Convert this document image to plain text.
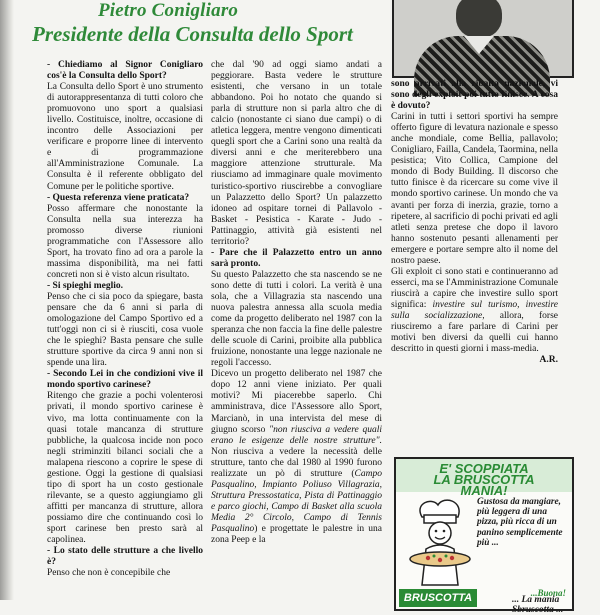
Pietro Conigliaro
Presidente della Consulta dello Sport

- Chiediamo al Signor Conigliaro cos'è la Consulta dello Sport?

La Consulta dello Sport è uno strumento di autorappresentanza di tutti coloro che promuovono uno sport a qualsiasi livello. Costituisce, inoltre, occasione di incontro delle Associazioni per verificare e proporre linee di intervento e di programmazione all'Amministrazione Comunale. La Consulta è il referente obbligato del Comune per le politiche sportive.

- Questa referenza viene praticata?

Posso affermare che nonostante la Consulta nella sua interezza ha promosso diverse riunioni programmatiche con l'Assessore allo Sport, ha trovato fino ad ora a parole la massima disponibilità, ma nei fatti concreti non si è visto alcun risultato.

- Si spieghi meglio.

Penso che ci sia poco da spiegare, basta pensare che da 6 anni si parla di omologazione del Campo Sportivo ed a tutt'oggi non ci si è riusciti, cosa vuole che le spieghi? Basta pensare che sulle strutture sportive da circa 9 anni non si spende una lira.

- Secondo Lei in che condizioni vive il mondo sportivo carinese?

Ritengo che grazie a pochi volenterosi privati, il mondo sportivo carinese è vivo, ma lotta continuamente con la quasi totale mancanza di strutture pubbliche, la qualcosa incide non poco negli striminziti bilanci sociali che a malapena riescono a coprire le spese di gestione. Oggi la gestione di qualsiasi tipo di sport ha un costo gestionale rilevante, se a questo aggiungiamo gli affitti per mancanza di strutture, allora possiamo dire che continuando così lo sport carinese ben presto sarà al capolinea.

- Lo stato delle strutture a che livello è?

Penso che non è concepibile che

che dal '90 ad oggi siamo andati a peggiorare. Basta vedere le strutture esistenti, che versano in un totale abbandono. Poi ho notato che quando si parla di strutture non si parla altro che di calcio (nonostante ci siano due campi) o di atletica leggera, mentre vengono dimenticati quegli sport che a Carini sono una realtà da diversi anni e che meriterebbero una maggiore attenzione strutturale. Ma riusciamo ad immaginare quale movimento turistico-sportivo riuscirebbe a convogliare un Palazzetto dello Sport? Un palazzetto idoneo ad ospitare tornei di Pallavolo - Basket - Pesistica - Karate - Judo - Pattinaggio, attività già esistenti nel territorio?

- Pare che il Palazzetto entro un anno sarà pronto.

Su questo Palazzetto che sta nascendo se ne sono dette di tutti i colori. La verità è una sola, che a Villagrazia sta nascendo una nuova palestra annessa alla scuola media come da progetto deliberato nel 1987 con la speranza che non faccia la fine delle palestre delle scuole di Carini, proibite alla pubblica fruizione, nonostante una legge nazionale ne regoli l'accesso.

Dicevo un progetto deliberato nel 1987 che dopo 12 anni viene iniziato. Per quali motivi? Mi piacerebbe saperlo. Chi amministrava, dice l'Assessore allo Sport, Marcianò, in una intervista del mese di giugno scorso "non riusciva a vedere quali erano le esigenze delle nostre strutture". Non riusciva a vedere la necessità delle strutture, tanto che dal 1980 al 1990 furono realizzate un pò di strutture (Campo Pasqualino, Impianto Poliuso Villagrazia, Struttura Pressostatica, Pista di Pattinaggio e parco giochi, Campo di Basket alla scuola Media 2° Circolo, Campo di Tennis Pasqualino) e progettate le palestre in una zona Peep e la

sono arrivati alla ribalta nazionale, vi sono degli exploit poi tutto finisce. A cosa è dovuto?

Carini in tutti i settori sportivi ha sempre offerto figure di levatura nazionale e spesso anche mondiale, come Bellia, pallavolo; Conigliaro, Failla, Candela, Taormina, nella pesistica; Vito Collica, Campione del mondo di Body Building. Il discorso che tutto finisce è da ricercare su come vive il mondo sportivo carinese. Un mondo che va avanti per forza di inerzia, grazie, torno a ripetere, al sacrificio di pochi privati ed agli atleti senza pretese che dopo il lavoro hanno sostenuto pesanti allenamenti per emergere e portare sempre alto il nome del nostro paese.

Gli exploit ci sono stati e continueranno ad esserci, ma se l'Amministrazione Comunale riuscirà a capire che investire sullo sport significa: investire sul turismo, investire sulla socializzazione, allora, forse riusciremo a fare parlare di Carini per motivi ben diversi da quelli cui hanno descritto in questi giorni i mass-media.

A.R.

E' SCOPPIATA
LA BRUSCOTTA
MANIA!
Gustosa da mangiare, più leggera di una pizza, più ricca di un panino semplicemente più ...
...Buona!
... La mania Sbruscotta ...
BRUSCOTTA
